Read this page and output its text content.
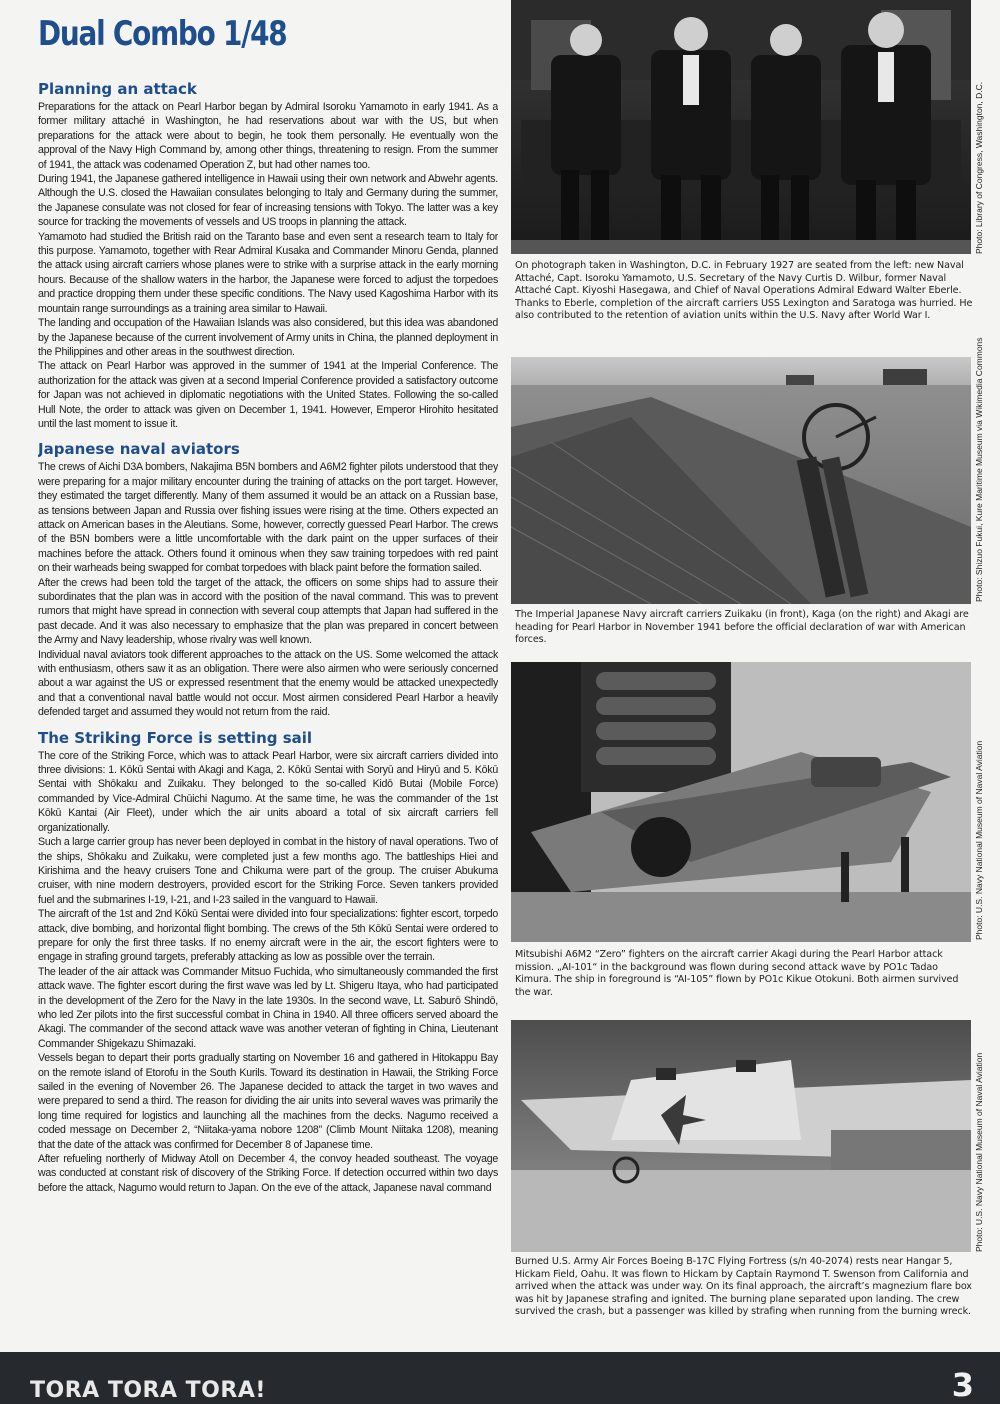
Dual Combo 1/48
Planning an attack

Preparations for the attack on Pearl Harbor began by Admiral Isoroku Yamamoto in early 1941. As a former military attaché in Washington, he had reservations about war with the US, but when preparations for the attack were about to begin, he took them personally. He eventually won the approval of the Navy High Command by, among other things, threatening to resign. From the summer of 1941, the attack was codenamed Operation Z, but had other names too.

During 1941, the Japanese gathered intelligence in Hawaii using their own network and Abwehr agents. Although the U.S. closed the Hawaiian consulates belonging to Italy and Germany during the summer, the Japanese consulate was not closed for fear of increasing tensions with Tokyo. The latter was a key source for tracking the movements of vessels and US troops in planning the attack.

Yamamoto had studied the British raid on the Taranto base and even sent a research team to Italy for this purpose. Yamamoto, together with Rear Admiral Kusaka and Commander Minoru Genda, planned the attack using aircraft carriers whose planes were to strike with a surprise attack in the early morning hours. Because of the shallow waters in the harbor, the Japanese were forced to adjust the torpedoes and practice dropping them under these specific conditions. The Navy used Kagoshima Harbor with its mountain range surroundings as a training area similar to Hawaii.

The landing and occupation of the Hawaiian Islands was also considered, but this idea was abandoned by the Japanese because of the current involvement of Army units in China, the planned deployment in the Philippines and other areas in the southwest direction.

The attack on Pearl Harbor was approved in the summer of 1941 at the Imperial Conference. The authorization for the attack was given at a second Imperial Conference provided a satisfactory outcome for Japan was not achieved in diplomatic negotiations with the United States. Following the so-called Hull Note, the order to attack was given on December 1, 1941. However, Emperor Hirohito hesitated until the last moment to issue it.

Japanese naval aviators

The crews of Aichi D3A bombers, Nakajima B5N bombers and A6M2 fighter pilots understood that they were preparing for a major military encounter during the training of attacks on the port target. However, they estimated the target differently. Many of them assumed it would be an attack on a Russian base, as tensions between Japan and Russia over fishing issues were rising at the time. Others expected an attack on American bases in the Aleutians. Some, however, correctly guessed Pearl Harbor. The crews of the B5N bombers were a little uncomfortable with the dark paint on the upper surfaces of their machines before the attack. Others found it ominous when they saw training torpedoes with red paint on their warheads being swapped for combat torpedoes with black paint before the formation sailed.

After the crews had been told the target of the attack, the officers on some ships had to assure their subordinates that the plan was in accord with the position of the naval command. This was to prevent rumors that might have spread in connection with several coup attempts that Japan had suffered in the past decade. And it was also necessary to emphasize that the plan was prepared in concert between the Army and Navy leadership, whose rivalry was well known.

Individual naval aviators took different approaches to the attack on the US. Some welcomed the attack with enthusiasm, others saw it as an obligation. There were also airmen who were seriously concerned about a war against the US or expressed resentment that the enemy would be attacked unexpectedly and that a conventional naval battle would not occur. Most airmen considered Pearl Harbor a heavily defended target and assumed they would not return from the raid.

The Striking Force is setting sail

The core of the Striking Force, which was to attack Pearl Harbor, were six aircraft carriers divided into three divisions: 1. Kōkū Sentai with Akagi and Kaga, 2. Kōkū Sentai with Soryū and Hiryū and 5. Kōkū Sentai with Shōkaku and Zuikaku. They belonged to the so-called Kidō Butai (Mobile Force) commanded by Vice-Admiral Chūichi Nagumo. At the same time, he was the commander of the 1st Kōkū Kantai (Air Fleet), under which the air units aboard a total of six aircraft carriers fell organizationally.

Such a large carrier group has never been deployed in combat in the history of naval operations. Two of the ships, Shōkaku and Zuikaku, were completed just a few months ago. The battleships Hiei and Kirishima and the heavy cruisers Tone and Chikuma were part of the group. The cruiser Abukuma cruiser, with nine modern destroyers, provided escort for the Striking Force. Seven tankers provided fuel and the submarines I-19, I-21, and I-23 sailed in the vanguard to Hawaii.

The aircraft of the 1st and 2nd Kōkū Sentai were divided into four specializations: fighter escort, torpedo attack, dive bombing, and horizontal flight bombing. The crews of the 5th Kōkū Sentai were ordered to prepare for only the first three tasks. If no enemy aircraft were in the air, the escort fighters were to engage in strafing ground targets, preferably attacking as low as possible over the terrain.

The leader of the air attack was Commander Mitsuo Fuchida, who simultaneously commanded the first attack wave. The fighter escort during the first wave was led by Lt. Shigeru Itaya, who had participated in the development of the Zero for the Navy in the late 1930s. In the second wave, Lt. Saburō Shindō, who led Zer pilots into the first successful combat in China in 1940. All three officers served aboard the Akagi. The commander of the second attack wave was another veteran of fighting in China, Lieutenant Commander Shigekazu Shimazaki.

Vessels began to depart their ports gradually starting on November 16 and gathered in Hitokappu Bay on the remote island of Etorofu in the South Kurils. Toward its destination in Hawaii, the Striking Force sailed in the evening of November 26. The Japanese decided to attack the target in two waves and were prepared to send a third. The reason for dividing the air units into several waves was primarily the long time required for logistics and launching all the machines from the decks. Nagumo received a coded message on December 2, “Niitaka-yama nobore 1208” (Climb Mount Niitaka 1208), meaning that the date of the attack was confirmed for December 8 of Japanese time.

After refueling northerly of Midway Atoll on December 4, the convoy headed southeast. The voyage was conducted at constant risk of discovery of the Striking Force. If detection occurred within two days before the attack, Nagumo would return to Japan. On the eve of the attack, Japanese naval command

Photo: Library of Congress, Washington, D.C.
On photograph taken in Washington, D.C. in February 1927 are seated from the left: new Naval Attaché, Capt. Isoroku Yamamoto, U.S. Secretary of the Navy Curtis D. Wilbur, former Naval Attaché Capt. Kiyoshi Hasegawa, and Chief of Naval Operations Admiral Edward Walter Eberle. Thanks to Eberle, completion of the aircraft carriers USS Lexington and Saratoga was hurried. He also contributed to the retention of aviation units within the U.S. Navy after World War I.
Photo: Shizuo Fukui, Kure Maritime Museum via Wikimedia Commons
The Imperial Japanese Navy aircraft carriers Zuikaku (in front), Kaga (on the right) and Akagi are heading for Pearl Harbor in November 1941 before the official declaration of war with American forces.
Photo: U.S. Navy National Museum of Naval Aviation
Mitsubishi A6M2 “Zero” fighters on the aircraft carrier Akagi during the Pearl Harbor attack mission. „AI-101“ in the background was flown during second attack wave by PO1c Tadao Kimura. The ship in foreground is “AI-105” flown by PO1c Kikue Otokuni. Both airmen survived the war.
Photo: U.S. Navy National Museum of Naval Aviation
Burned U.S. Army Air Forces Boeing B-17C Flying Fortress (s/n 40-2074) rests near Hangar 5, Hickam Field, Oahu. It was flown to Hickam by Captain Raymond T. Swenson from California and arrived when the attack was under way. On its final approach, the aircraft’s magnezium flare box was hit by Japanese strafing and ignited. The burning plane separated upon landing. The crew survived the crash, but a passenger was killed by strafing when running from the burning wreck.
TORA TORA TORA!	3
